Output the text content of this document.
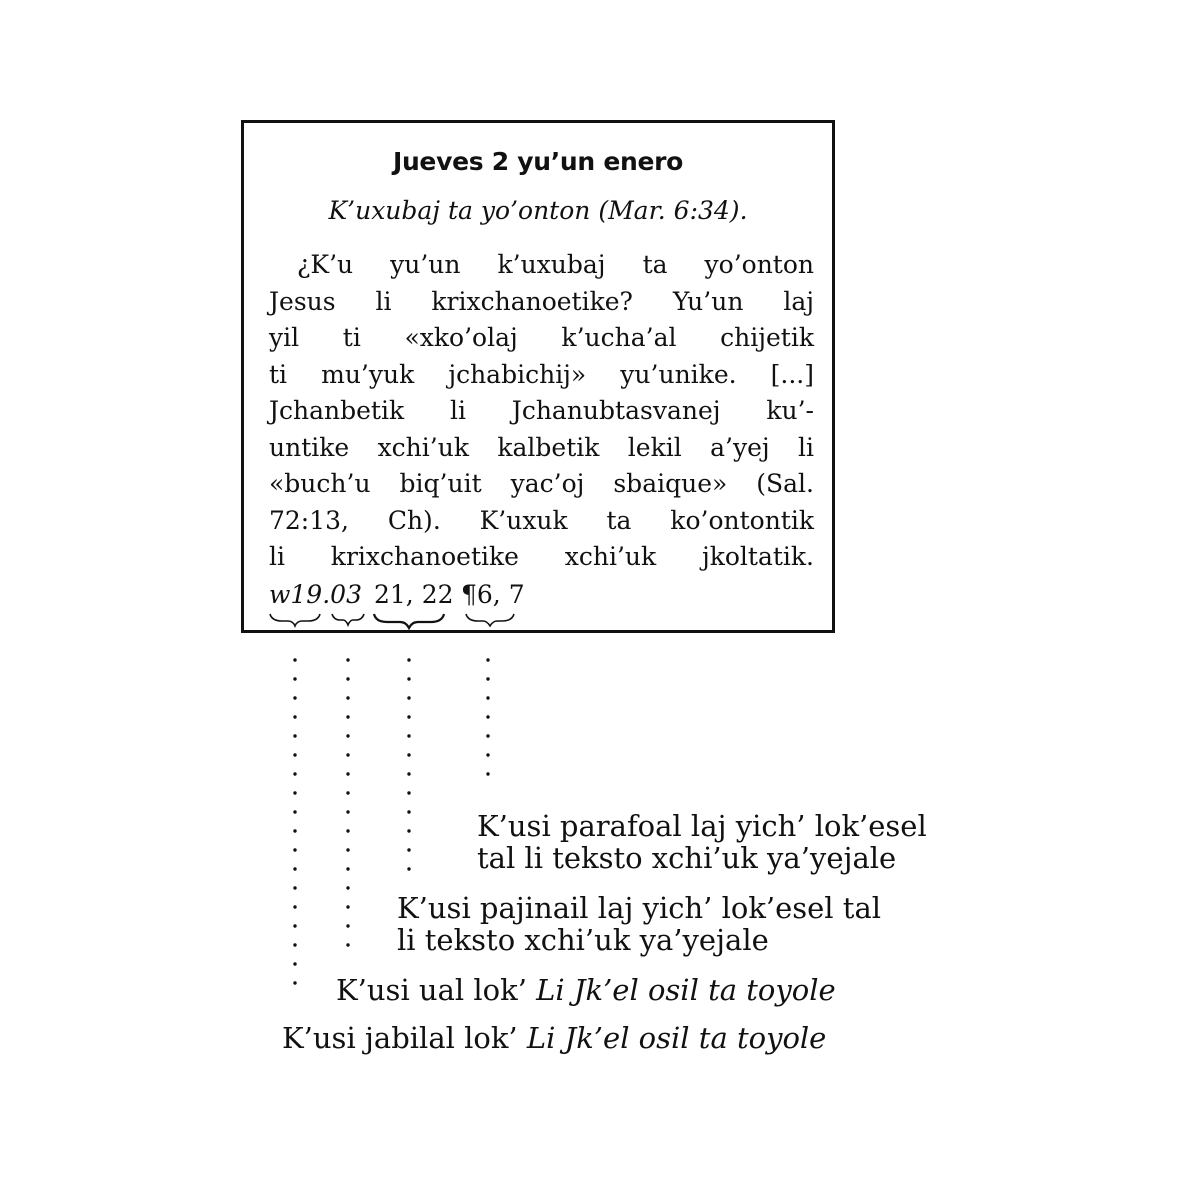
Jueves 2 yu’un enero
K’uxubaj ta yo’onton (Mar. 6:34).
¿K’u yu’un k’uxubaj ta yo’onton
Jesus li krixchanoetike? Yu’un laj
yil ti «xko’olaj k’ucha’al chijetik
ti mu’yuk jchabichij» yu’unike. [...]
Jchanbetik li Jchanubtasvanej ku’-
untike xchi’uk kalbetik lekil a’yej li
«buch’u biq’uit yac’oj sbaique» (Sal.
72:13, Ch). K’uxuk ta ko’ontontik
li krixchanoetike xchi’uk jkoltatik.
w19.03 21, 22 ¶6, 7
K’usi parafoal laj yich’ lok’esel
tal li teksto xchi’uk ya’yejale
K’usi pajinail laj yich’ lok’esel tal
li teksto xchi’uk ya’yejale
K’usi ual lok’ Li Jk’el osil ta toyole
K’usi jabilal lok’ Li Jk’el osil ta toyole
